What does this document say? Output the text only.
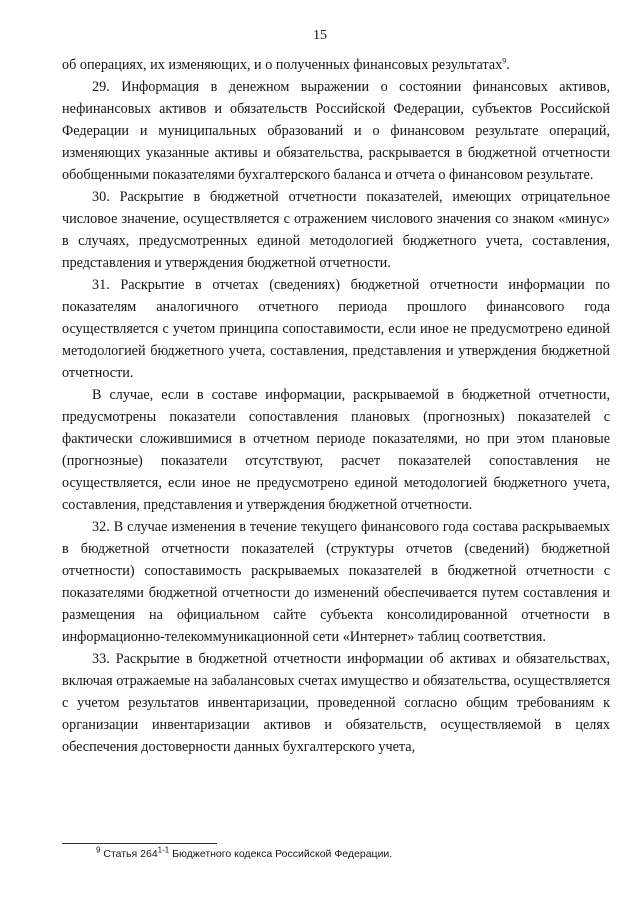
15

об операциях, их изменяющих, и о полученных финансовых результатах$^9$.

29. Информация в денежном выражении о состоянии финансовых активов, нефинансовых активов и обязательств Российской Федерации, субъектов Российской Федерации и муниципальных образований и о финансовом результате операций, изменяющих указанные активы и обязательства, раскрывается в бюджетной отчетности обобщенными показателями бухгалтерского баланса и отчета о финансовом результате.

30. Раскрытие в бюджетной отчетности показателей, имеющих отрицательное числовое значение, осуществляется с отражением числового значения со знаком «минус» в случаях, предусмотренных единой методологией бюджетного учета, составления, представления и утверждения бюджетной отчетности.

31. Раскрытие в отчетах (сведениях) бюджетной отчетности информации по показателям аналогичного отчетного периода прошлого финансового года осуществляется с учетом принципа сопоставимости, если иное не предусмотрено единой методологией бюджетного учета, составления, представления и утверждения бюджетной отчетности.

В случае, если в составе информации, раскрываемой в бюджетной отчетности, предусмотрены показатели сопоставления плановых (прогнозных) показателей с фактически сложившимися в отчетном периоде показателями, но при этом плановые (прогнозные) показатели отсутствуют, расчет показателей сопоставления не осуществляется, если иное не предусмотрено единой методологией бюджетного учета, составления, представления и утверждения бюджетной отчетности.

32. В случае изменения в течение текущего финансового года состава раскрываемых в бюджетной отчетности показателей (структуры отчетов (сведений) бюджетной отчетности) сопоставимость раскрываемых показателей в бюджетной отчетности с показателями бюджетной отчетности до изменений обеспечивается путем составления и размещения на официальном сайте субъекта консолидированной отчетности в информационно-телекоммуникационной сети «Интернет» таблиц соответствия.

33. Раскрытие в бюджетной отчетности информации об активах и обязательствах, включая отражаемые на забалансовых счетах имущество и обязательства, осуществляется с учетом результатов инвентаризации, проведенной согласно общим требованиям к организации инвентаризации активов и обязательств, осуществляемой в целях обеспечения достоверности данных бухгалтерского учета,

$^9$ Статья 264$^{1-1}$ Бюджетного кодекса Российской Федерации.
